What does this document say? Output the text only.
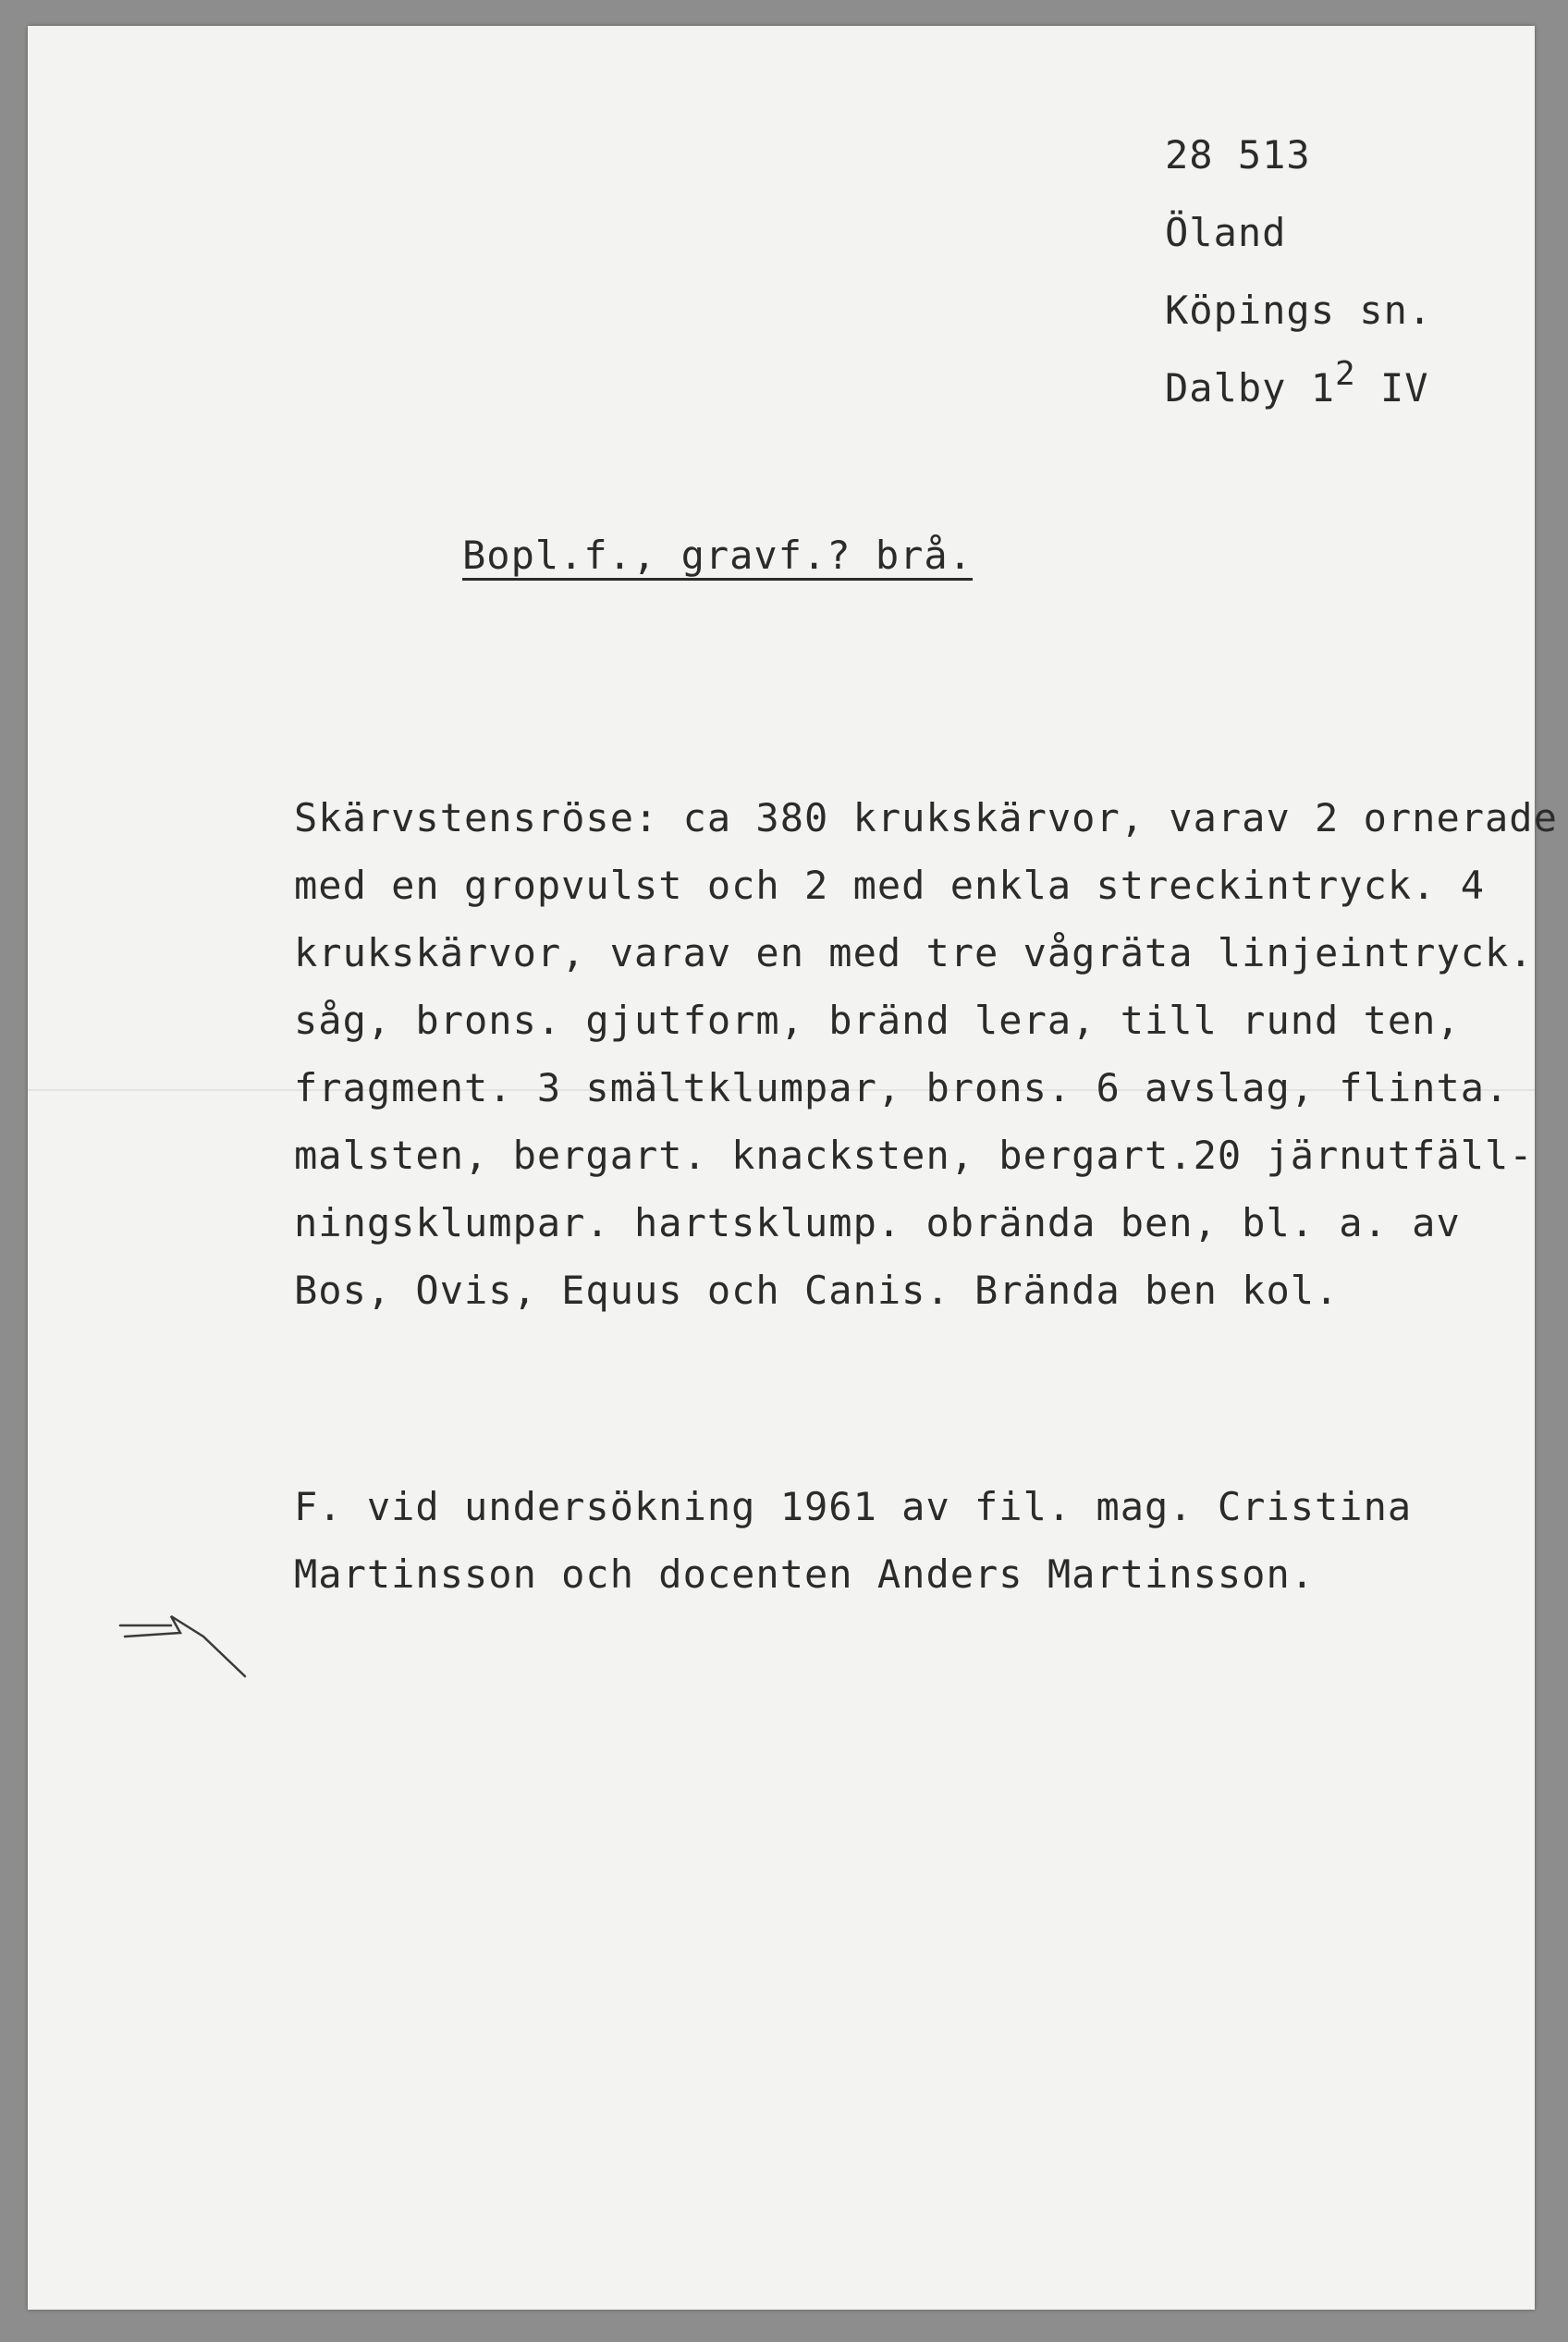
28 513
Öland
Köpings sn.
Dalby 12 IV
Bopl.f., gravf.? brå.
Skärvstensröse: ca 380 krukskärvor, varav 2 ornerade
med en gropvulst och 2 med enkla streckintryck. 4
krukskärvor, varav en med tre vågräta linjeintryck.
såg, brons. gjutform, bränd lera, till rund ten,
fragment. 3 smältklumpar, brons. 6 avslag, flinta.
malsten, bergart. knacksten, bergart.20 järnutfäll-
ningsklumpar. hartsklump. obrända ben, bl. a. av
Bos, Ovis, Equus och Canis. Brända ben kol.
F. vid undersökning 1961 av fil. mag. Cristina
Martinsson och docenten Anders Martinsson.
